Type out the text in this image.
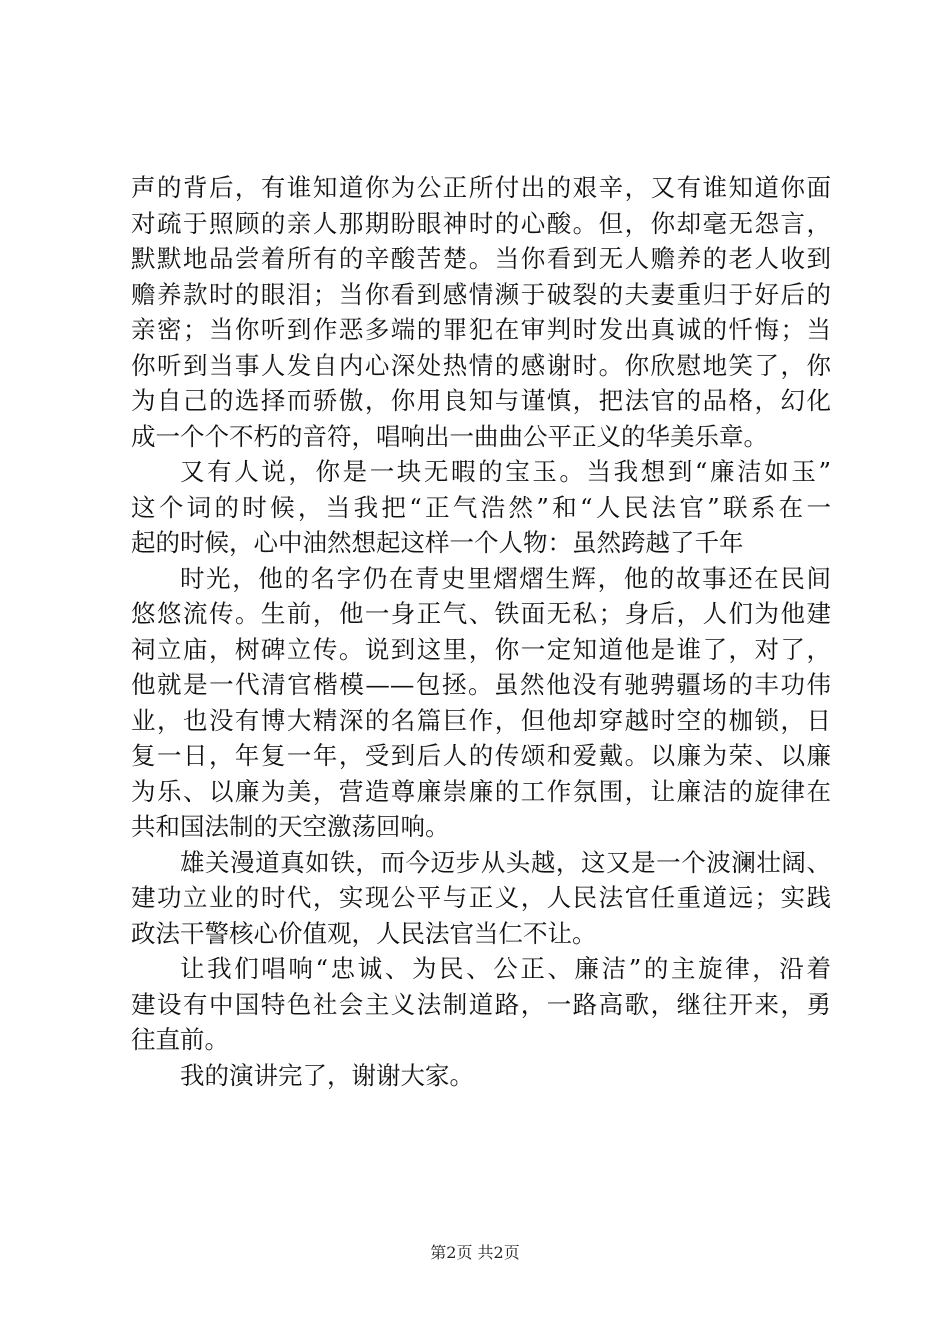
声的背后，有谁知道你为公正所付出的艰辛，又有谁知道你面
对疏于照顾的亲人那期盼眼神时的心酸。但，你却毫无怨言，
默默地品尝着所有的辛酸苦楚。当你看到无人赡养的老人收到
赡养款时的眼泪；当你看到感情濒于破裂的夫妻重归于好后的
亲密；当你听到作恶多端的罪犯在审判时发出真诚的忏悔；当
你听到当事人发自内心深处热情的感谢时。你欣慰地笑了，你
为自己的选择而骄傲，你用良知与谨慎，把法官的品格，幻化
成一个个不朽的音符，唱响出一曲曲公平正义的华美乐章。
又有人说，你是一块无暇的宝玉。当我想到“廉洁如玉”
这个词的时候，当我把“正气浩然”和“人民法官”联系在一
起的时候，心中油然想起这样一个人物：虽然跨越了千年
时光，他的名字仍在青史里熠熠生辉，他的故事还在民间
悠悠流传。生前，他一身正气、铁面无私；身后，人们为他建
祠立庙，树碑立传。说到这里，你一定知道他是谁了，对了，
他就是一代清官楷模——包拯。虽然他没有驰骋疆场的丰功伟
业，也没有博大精深的名篇巨作，但他却穿越时空的枷锁，日
复一日，年复一年，受到后人的传颂和爱戴。以廉为荣、以廉
为乐、以廉为美，营造尊廉崇廉的工作氛围，让廉洁的旋律在
共和国法制的天空激荡回响。
雄关漫道真如铁，而今迈步从头越，这又是一个波澜壮阔、
建功立业的时代，实现公平与正义，人民法官任重道远；实践
政法干警核心价值观，人民法官当仁不让。
让我们唱响“忠诚、为民、公正、廉洁”的主旋律，沿着
建设有中国特色社会主义法制道路，一路高歌，继往开来，勇
往直前。
我的演讲完了，谢谢大家。
第2页 共2页
